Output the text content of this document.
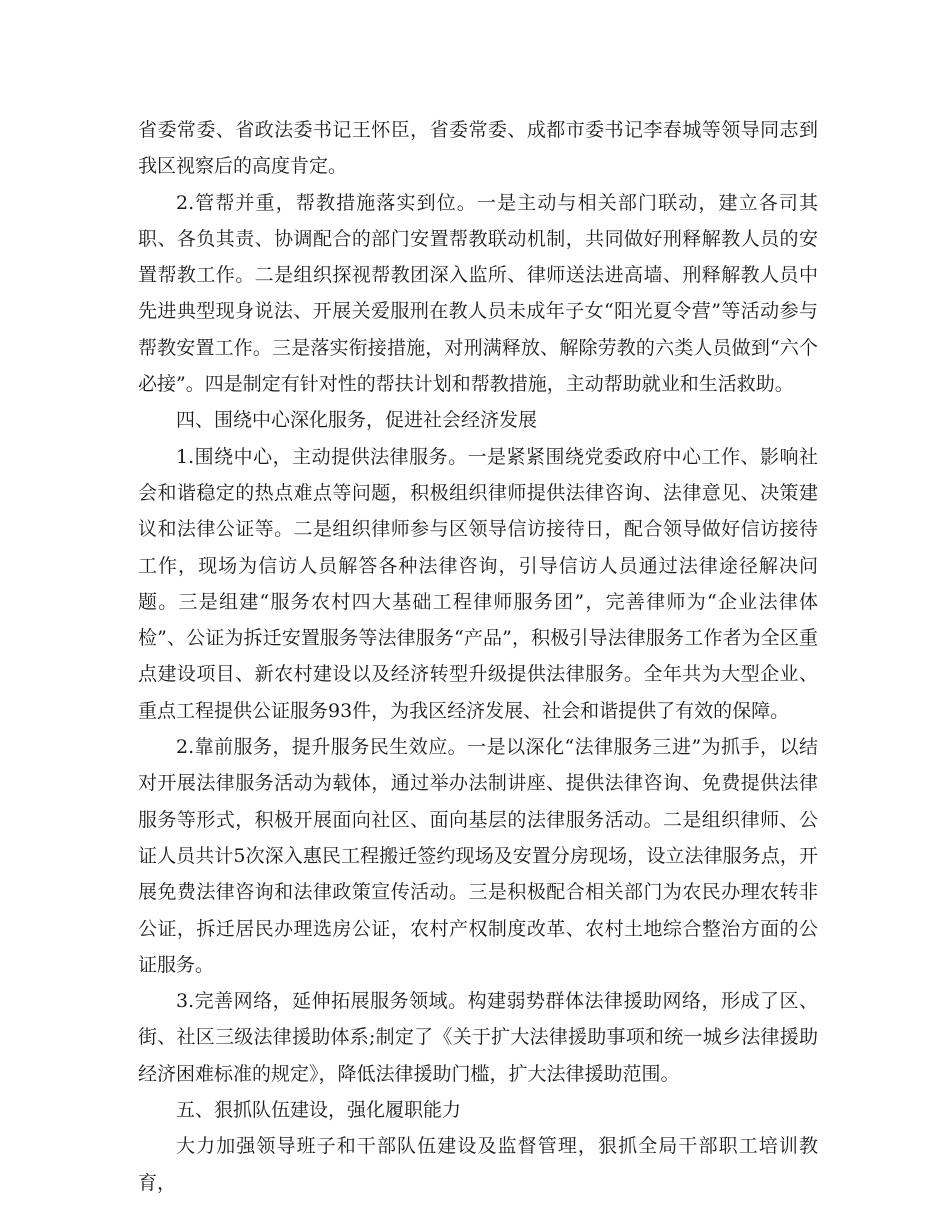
省委常委、省政法委书记王怀臣，省委常委、成都市委书记李春城等领导同志到我区视察后的高度肯定。

2.管帮并重，帮教措施落实到位。一是主动与相关部门联动，建立各司其职、各负其责、协调配合的部门安置帮教联动机制，共同做好刑释解教人员的安置帮教工作。二是组织探视帮教团深入监所、律师送法进高墙、刑释解教人员中先进典型现身说法、开展关爱服刑在教人员未成年子女“阳光夏令营”等活动参与帮教安置工作。三是落实衔接措施，对刑满释放、解除劳教的六类人员做到“六个必接”。四是制定有针对性的帮扶计划和帮教措施，主动帮助就业和生活救助。

四、围绕中心深化服务，促进社会经济发展

1.围绕中心，主动提供法律服务。一是紧紧围绕党委政府中心工作、影响社会和谐稳定的热点难点等问题，积极组织律师提供法律咨询、法律意见、决策建议和法律公证等。二是组织律师参与区领导信访接待日，配合领导做好信访接待工作，现场为信访人员解答各种法律咨询，引导信访人员通过法律途径解决问题。三是组建“服务农村四大基础工程律师服务团”，完善律师为“企业法律体检”、公证为拆迁安置服务等法律服务“产品”，积极引导法律服务工作者为全区重点建设项目、新农村建设以及经济转型升级提供法律服务。全年共为大型企业、重点工程提供公证服务93件，为我区经济发展、社会和谐提供了有效的保障。

2.靠前服务，提升服务民生效应。一是以深化“法律服务三进”为抓手，以结对开展法律服务活动为载体，通过举办法制讲座、提供法律咨询、免费提供法律服务等形式，积极开展面向社区、面向基层的法律服务活动。二是组织律师、公证人员共计5次深入惠民工程搬迁签约现场及安置分房现场，设立法律服务点，开展免费法律咨询和法律政策宣传活动。三是积极配合相关部门为农民办理农转非公证，拆迁居民办理选房公证，农村产权制度改革、农村土地综合整治方面的公证服务。

3.完善网络，延伸拓展服务领域。构建弱势群体法律援助网络，形成了区、街、社区三级法律援助体系;制定了《关于扩大法律援助事项和统一城乡法律援助经济困难标准的规定》，降低法律援助门槛，扩大法律援助范围。

五、狠抓队伍建设，强化履职能力

大力加强领导班子和干部队伍建设及监督管理，狠抓全局干部职工培训教育，
